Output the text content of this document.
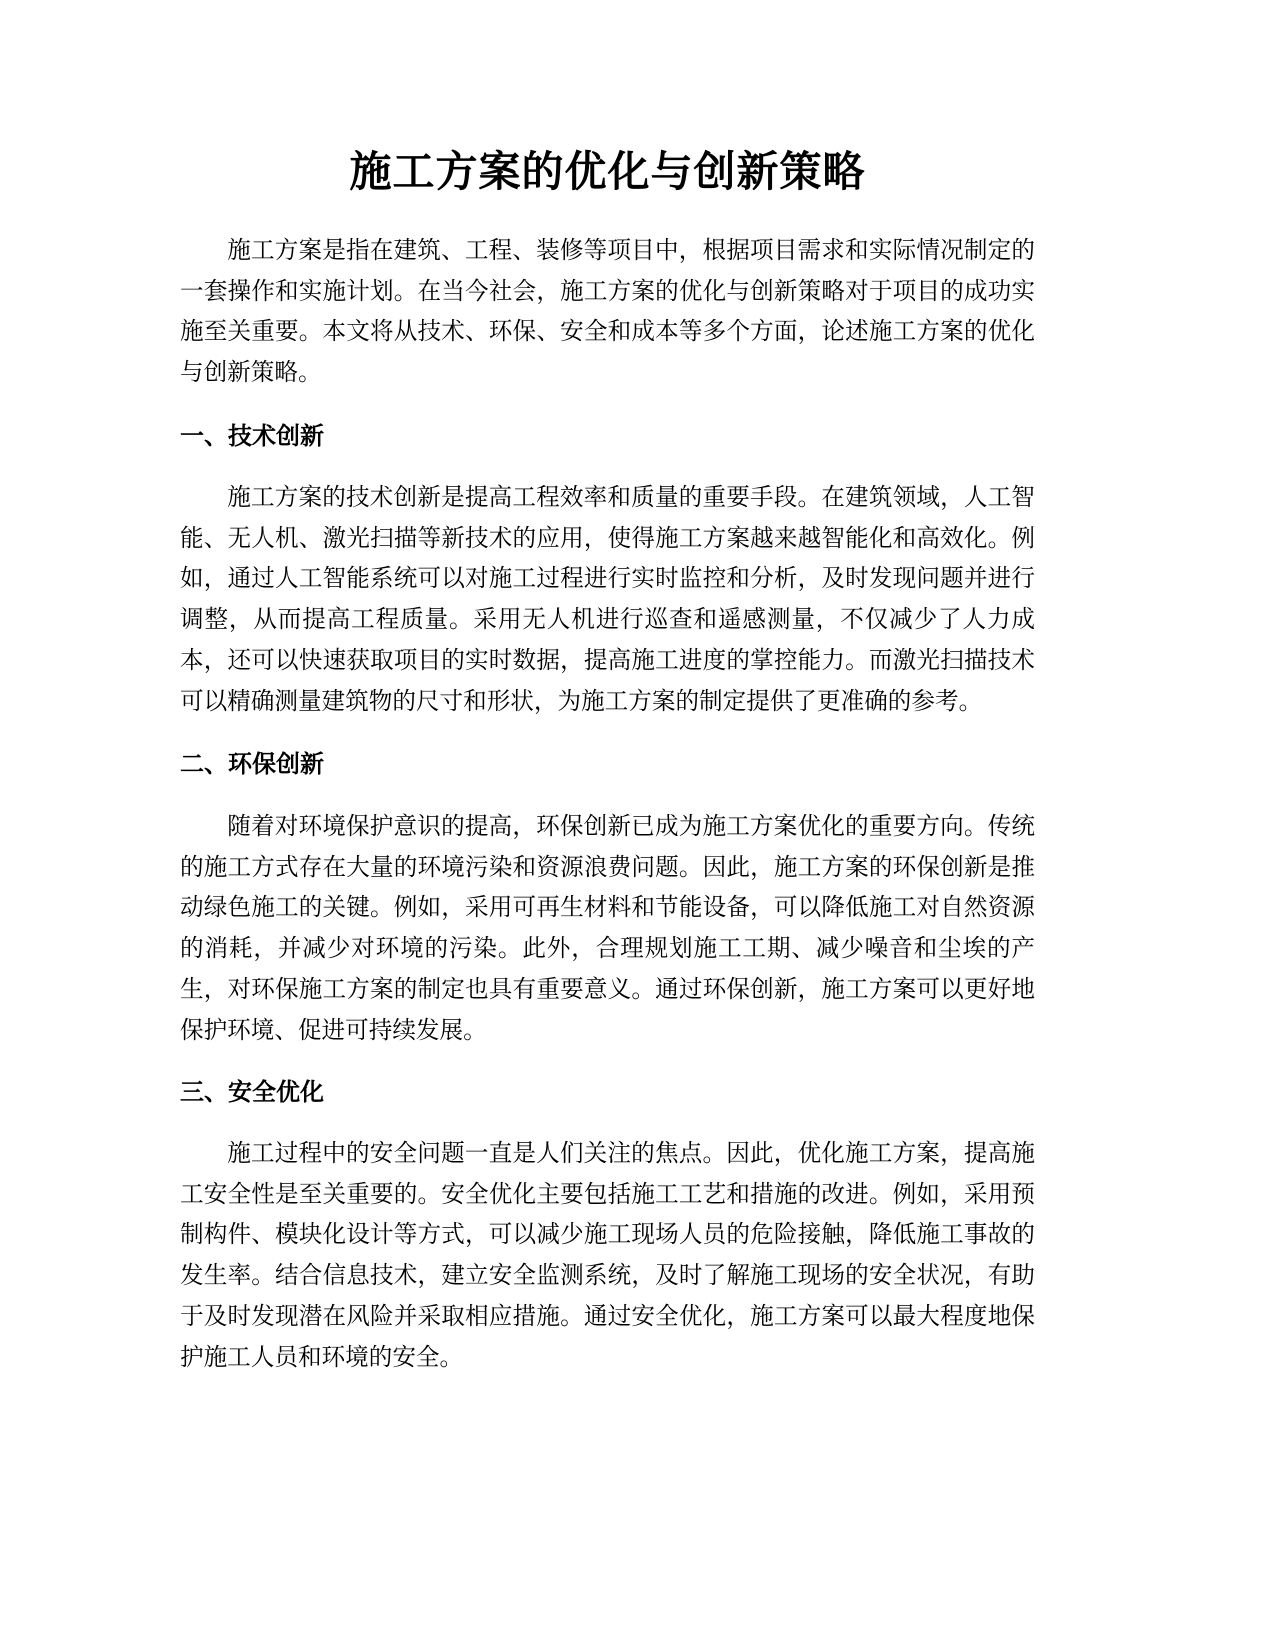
施工方案的优化与创新策略

施工方案是指在建筑、工程、装修等项目中，根据项目需求和实际情况制定的一套操作和实施计划。在当今社会，施工方案的优化与创新策略对于项目的成功实施至关重要。本文将从技术、环保、安全和成本等多个方面，论述施工方案的优化与创新策略。

一、技术创新

施工方案的技术创新是提高工程效率和质量的重要手段。在建筑领域，人工智能、无人机、激光扫描等新技术的应用，使得施工方案越来越智能化和高效化。例如，通过人工智能系统可以对施工过程进行实时监控和分析，及时发现问题并进行调整，从而提高工程质量。采用无人机进行巡查和遥感测量，不仅减少了人力成本，还可以快速获取项目的实时数据，提高施工进度的掌控能力。而激光扫描技术可以精确测量建筑物的尺寸和形状，为施工方案的制定提供了更准确的参考。

二、环保创新

随着对环境保护意识的提高，环保创新已成为施工方案优化的重要方向。传统的施工方式存在大量的环境污染和资源浪费问题。因此，施工方案的环保创新是推动绿色施工的关键。例如，采用可再生材料和节能设备，可以降低施工对自然资源的消耗，并减少对环境的污染。此外，合理规划施工工期、减少噪音和尘埃的产生，对环保施工方案的制定也具有重要意义。通过环保创新，施工方案可以更好地保护环境、促进可持续发展。

三、安全优化

施工过程中的安全问题一直是人们关注的焦点。因此，优化施工方案，提高施工安全性是至关重要的。安全优化主要包括施工工艺和措施的改进。例如，采用预制构件、模块化设计等方式，可以减少施工现场人员的危险接触，降低施工事故的发生率。结合信息技术，建立安全监测系统，及时了解施工现场的安全状况，有助于及时发现潜在风险并采取相应措施。通过安全优化，施工方案可以最大程度地保护施工人员和环境的安全。
